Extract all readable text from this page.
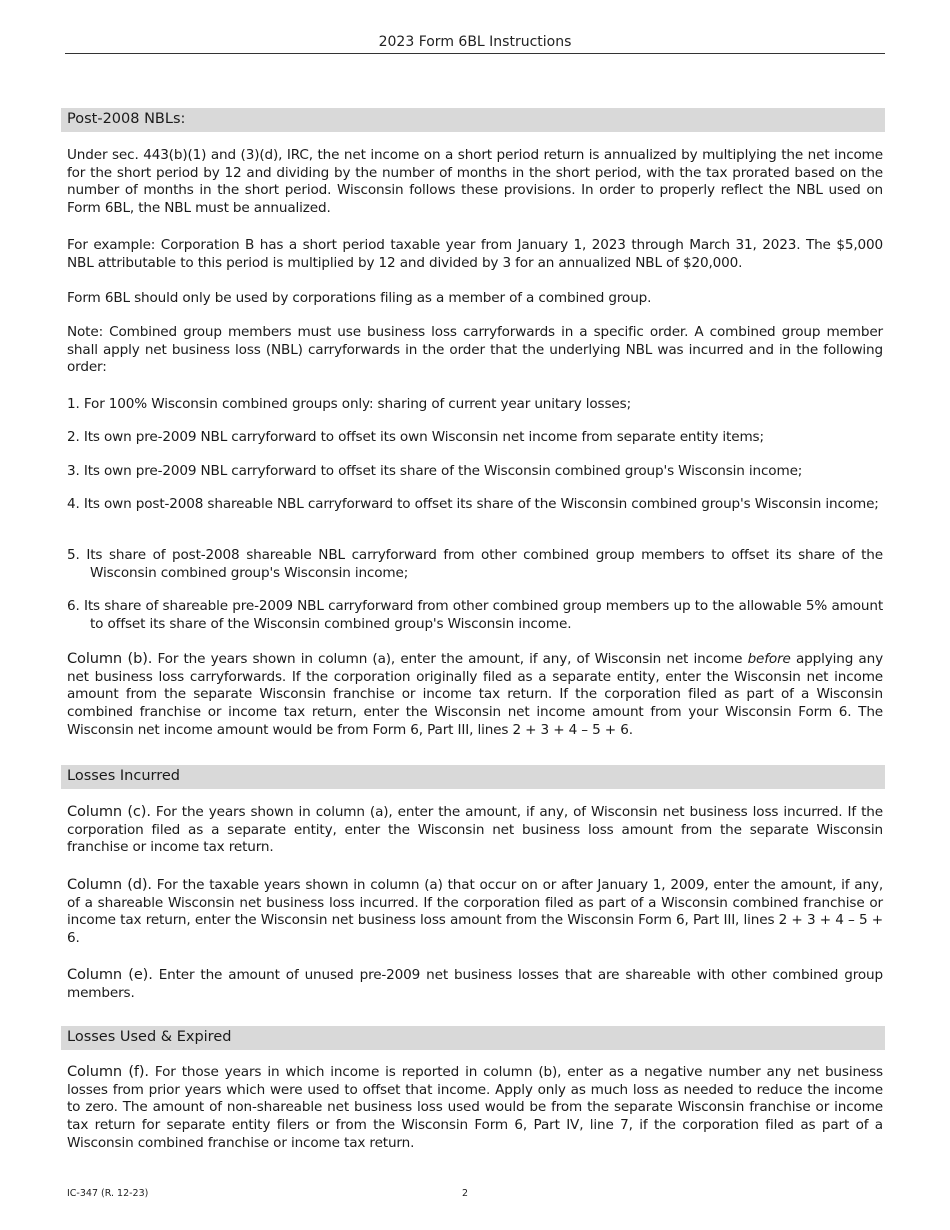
2023 Form 6BL Instructions
Post-2008 NBLs:
Under sec. 443(b)(1) and (3)(d), IRC, the net income on a short period return is annualized by multiplying the net income for the short period by 12 and dividing by the number of months in the short period, with the tax prorated based on the number of months in the short period. Wisconsin follows these provisions. In order to properly reflect the NBL used on Form 6BL, the NBL must be annualized.
For example: Corporation B has a short period taxable year from January 1, 2023 through March 31, 2023. The $5,000 NBL attributable to this period is multiplied by 12 and divided by 3 for an annualized NBL of $20,000.
Form 6BL should only be used by corporations filing as a member of a combined group.
Note: Combined group members must use business loss carryforwards in a specific order. A combined group member shall apply net business loss (NBL) carryforwards in the order that the underlying NBL was incurred and in the following order:
1. For 100% Wisconsin combined groups only: sharing of current year unitary losses;
2. Its own pre-2009 NBL carryforward to offset its own Wisconsin net income from separate entity items;
3. Its own pre-2009 NBL carryforward to offset its share of the Wisconsin combined group's Wisconsin income;
4. Its own post-2008 shareable NBL carryforward to offset its share of the Wisconsin combined group's Wisconsin income;
5. Its share of post-2008 shareable NBL carryforward from other combined group members to offset its share of the Wisconsin combined group's Wisconsin income;
6. Its share of shareable pre-2009 NBL carryforward from other combined group members up to the allowable 5% amount to offset its share of the Wisconsin combined group's Wisconsin income.
Column (b). For the years shown in column (a), enter the amount, if any, of Wisconsin net income before applying any net business loss carryforwards. If the corporation originally filed as a separate entity, enter the Wisconsin net income amount from the separate Wisconsin franchise or income tax return. If the corporation filed as part of a Wisconsin combined franchise or income tax return, enter the Wisconsin net income amount from your Wisconsin Form 6. The Wisconsin net income amount would be from Form 6, Part III, lines 2 + 3 + 4 – 5 + 6.
Losses Incurred
Column (c). For the years shown in column (a), enter the amount, if any, of Wisconsin net business loss incurred. If the corporation filed as a separate entity, enter the Wisconsin net business loss amount from the separate Wisconsin franchise or income tax return.
Column (d). For the taxable years shown in column (a) that occur on or after January 1, 2009, enter the amount, if any, of a shareable Wisconsin net business loss incurred. If the corporation filed as part of a Wisconsin combined franchise or income tax return, enter the Wisconsin net business loss amount from the Wisconsin Form 6, Part III, lines 2 + 3 + 4 – 5 + 6.
Column (e). Enter the amount of unused pre-2009 net business losses that are shareable with other combined group members.
Losses Used & Expired
Column (f). For those years in which income is reported in column (b), enter as a negative number any net business losses from prior years which were used to offset that income. Apply only as much loss as needed to reduce the income to zero. The amount of non-shareable net business loss used would be from the separate Wisconsin franchise or income tax return for separate entity filers or from the Wisconsin Form 6, Part IV, line 7, if the corporation filed as part of a Wisconsin combined franchise or income tax return.
IC-347 (R. 12-23)	2
